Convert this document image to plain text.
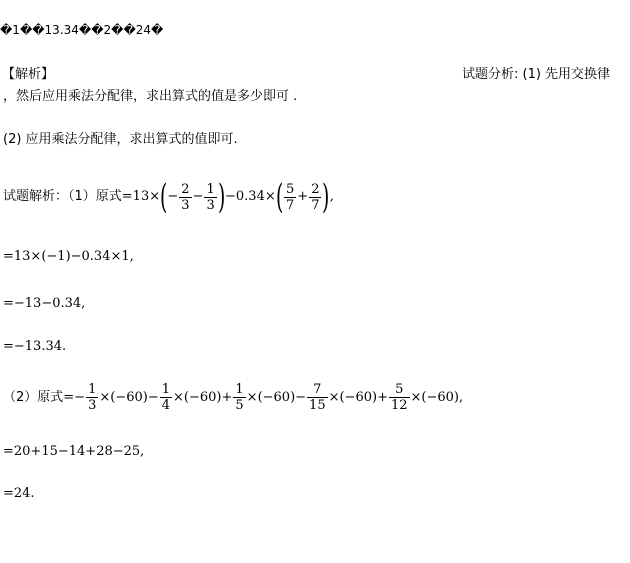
�1��13.34��2��24�
【解析】	试题分析: (1) 先用交换律
，然后应用乘法分配律，求出算式的值是多少即可 .
(2) 应用乘法分配律，求出算式的值即可.
试题解析：（1）原式 =13× ( − $\frac{2}{3} - \frac{1}{3}$ ) −0.34× ( $\frac{5}{7} + \frac{2}{7}$ ) ,
=13×(−1)−0.34×1,
=−13−0.34,
=−13.34.
（2）原式 =− $\frac{1}{3} \times(-60)- \frac{1}{4} \times(-60)+ \frac{1}{5} \times(-60)- \frac{7}{15} \times(-60)+ \frac{5}{12} \times(-60)$,
=20+15−14+28−25,
=24.
